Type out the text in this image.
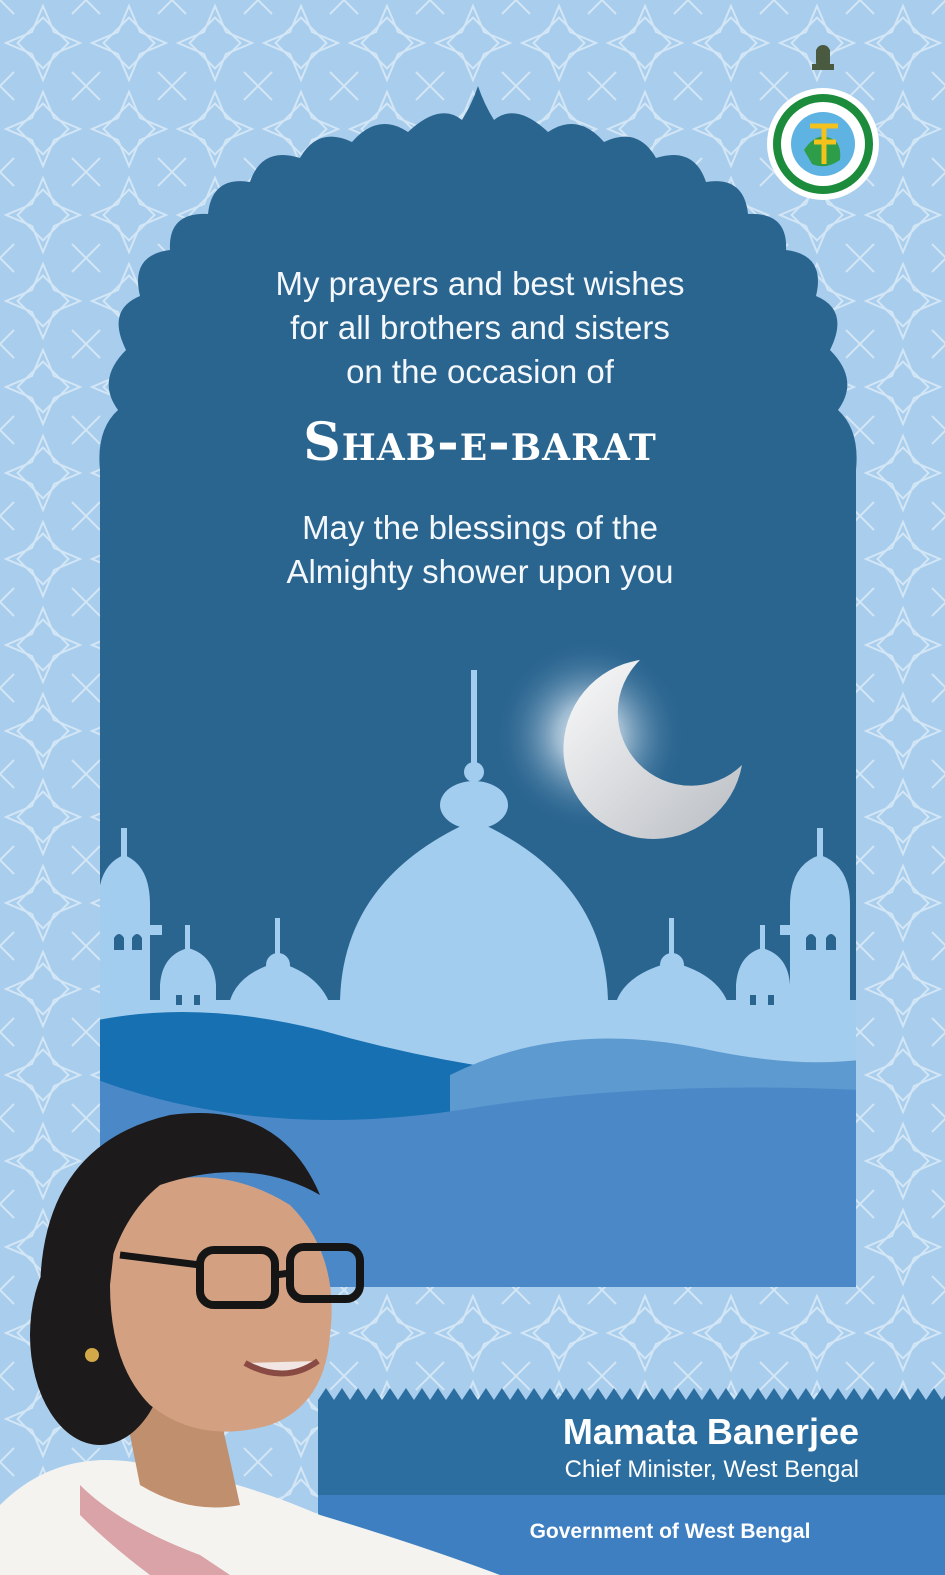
My prayers and best wishes
for all brothers and sisters
on the occasion of
Shab-e-barat
May the blessings of the
Almighty shower upon you
Mamata Banerjee
Chief Minister, West Bengal
Government of West Bengal
